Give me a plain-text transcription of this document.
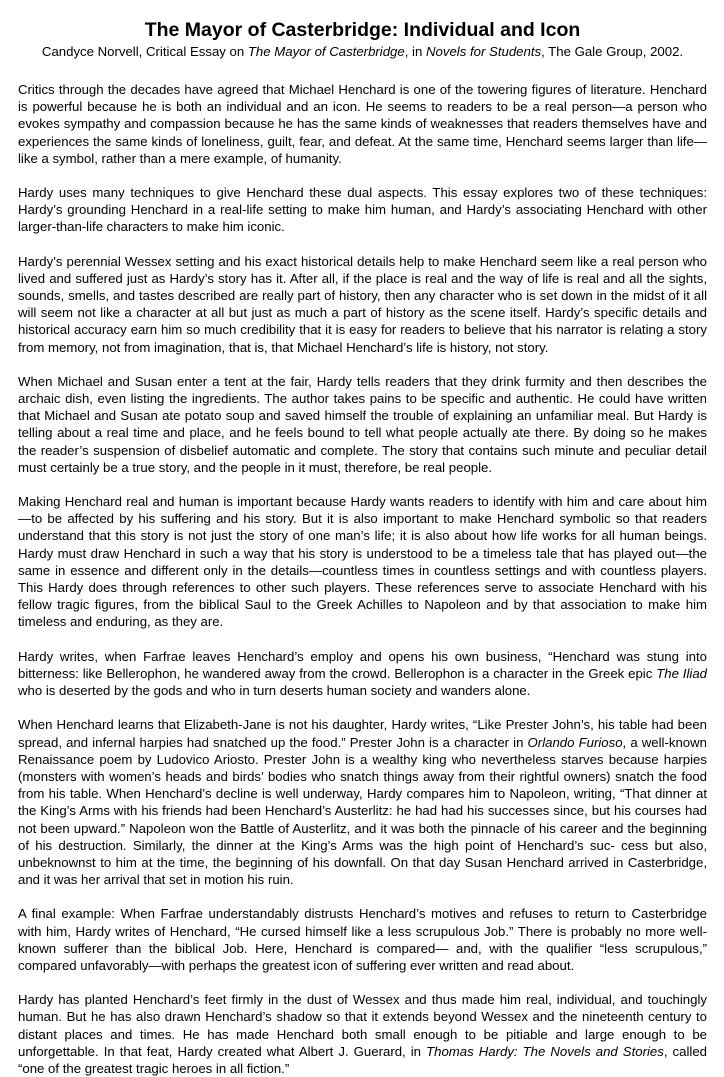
The Mayor of Casterbridge: Individual and Icon
Candyce Norvell, Critical Essay on The Mayor of Casterbridge, in Novels for Students, The Gale Group, 2002.

Critics through the decades have agreed that Michael Henchard is one of the towering figures of literature. Henchard is powerful because he is both an individual and an icon. He seems to readers to be a real person—a person who evokes sympathy and compassion because he has the same kinds of weaknesses that readers themselves have and experiences the same kinds of loneliness, guilt, fear, and defeat. At the same time, Henchard seems larger than life—like a symbol, rather than a mere example, of humanity.

Hardy uses many techniques to give Henchard these dual aspects. This essay explores two of these techniques: Hardy’s grounding Henchard in a real-life setting to make him human, and Hardy’s associating Henchard with other larger-than-life characters to make him iconic.

Hardy’s perennial Wessex setting and his exact historical details help to make Henchard seem like a real person who lived and suffered just as Hardy’s story has it. After all, if the place is real and the way of life is real and all the sights, sounds, smells, and tastes described are really part of history, then any character who is set down in the midst of it all will seem not like a character at all but just as much a part of history as the scene itself. Hardy’s specific details and historical accuracy earn him so much credibility that it is easy for readers to believe that his narrator is relating a story from memory, not from imagination, that is, that Michael Henchard’s life is history, not story.

When Michael and Susan enter a tent at the fair, Hardy tells readers that they drink furmity and then describes the archaic dish, even listing the ingredients. The author takes pains to be specific and authentic. He could have written that Michael and Susan ate potato soup and saved himself the trouble of explaining an unfamiliar meal. But Hardy is telling about a real time and place, and he feels bound to tell what people actually ate there. By doing so he makes the reader’s suspension of disbelief automatic and complete. The story that contains such minute and peculiar detail must certainly be a true story, and the people in it must, therefore, be real people.

Making Henchard real and human is important because Hardy wants readers to identify with him and care about him—to be affected by his suffering and his story. But it is also important to make Henchard symbolic so that readers understand that this story is not just the story of one man’s life; it is also about how life works for all human beings. Hardy must draw Henchard in such a way that his story is understood to be a timeless tale that has played out—the same in essence and different only in the details—countless times in countless settings and with countless players. This Hardy does through references to other such players. These references serve to associate Henchard with his fellow tragic figures, from the biblical Saul to the Greek Achilles to Napoleon and by that association to make him timeless and enduring, as they are.

Hardy writes, when Farfrae leaves Henchard’s employ and opens his own business, “Henchard was stung into bitterness: like Bellerophon, he wandered away from the crowd. Bellerophon is a character in the Greek epic The Iliad who is deserted by the gods and who in turn deserts human society and wanders alone.

When Henchard learns that Elizabeth-Jane is not his daughter, Hardy writes, “Like Prester John’s, his table had been spread, and infernal harpies had snatched up the food.” Prester John is a character in Orlando Furioso, a well-known Renaissance poem by Ludovico Ariosto. Prester John is a wealthy king who nevertheless starves because harpies (monsters with women’s heads and birds’ bodies who snatch things away from their rightful owners) snatch the food from his table. When Henchard’s decline is well underway, Hardy compares him to Napoleon, writing, “That dinner at the King’s Arms with his friends had been Henchard’s Austerlitz: he had had his successes since, but his courses had not been upward.” Napoleon won the Battle of Austerlitz, and it was both the pinnacle of his career and the beginning of his destruction. Similarly, the dinner at the King’s Arms was the high point of Henchard’s suc- cess but also, unbeknownst to him at the time, the beginning of his downfall. On that day Susan Henchard arrived in Casterbridge, and it was her arrival that set in motion his ruin.

A final example: When Farfrae understandably distrusts Henchard’s motives and refuses to return to Casterbridge with him, Hardy writes of Henchard, “He cursed himself like a less scrupulous Job.” There is probably no more well-known sufferer than the biblical Job. Here, Henchard is compared— and, with the qualifier “less scrupulous,” compared unfavorably—with perhaps the greatest icon of suffering ever written and read about.

Hardy has planted Henchard’s feet firmly in the dust of Wessex and thus made him real, individual, and touchingly human. But he has also drawn Henchard’s shadow so that it extends beyond Wessex and the nineteenth century to distant places and times. He has made Henchard both small enough to be pitiable and large enough to be unforgettable. In that feat, Hardy created what Albert J. Guerard, in Thomas Hardy: The Novels and Stories, called “one of the greatest tragic heroes in all fiction.”
